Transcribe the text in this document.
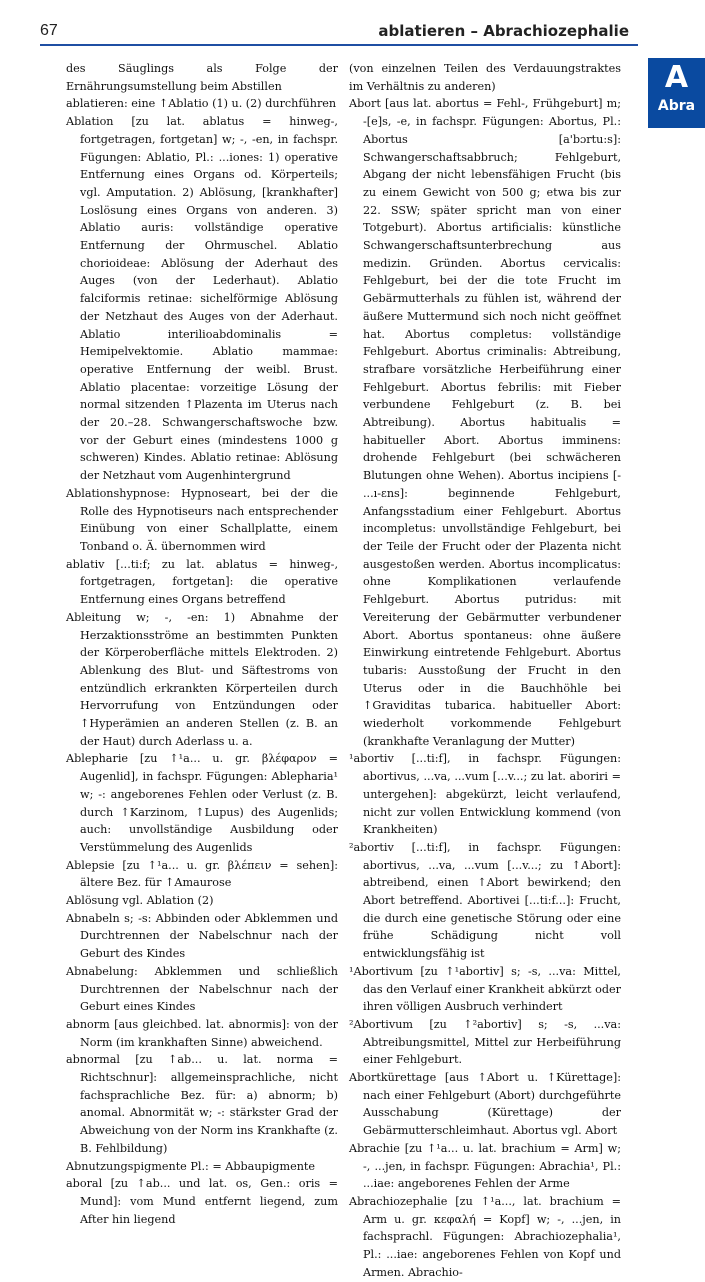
67	ablatieren – Abrachiozephalie
A
Abra

des Säuglings als Folge der Ernährungsumstellung beim Abstillen

ablatieren: eine ↑Ablatio (1) u. (2) durchführen

Ablation [zu lat. ablatus = hinweg-, fortgetragen, fortgetan] w; -, -en, in fachspr. Fügungen: Ablatio, Pl.: ...iones: 1) operative Entfernung eines Organs od. Körperteils; vgl. Amputation. 2) Ablösung, [krankhafter] Loslösung eines Organs von anderen. 3) Ablatio auris: vollständige operative Entfernung der Ohrmuschel. Ablatio chorioideae: Ablösung der Aderhaut des Auges (von der Lederhaut). Ablatio falciformis retinae: sichelförmige Ablösung der Netzhaut des Auges von der Aderhaut. Ablatio interilioabdominalis = Hemipelvektomie. Ablatio mammae: operative Entfernung der weibl. Brust. Ablatio placentae: vorzeitige Lösung der normal sitzenden ↑Plazenta im Uterus nach der 20.–28. Schwangerschaftswoche bzw. vor der Geburt eines (mindestens 1000 g schweren) Kindes. Ablatio retinae: Ablösung der Netzhaut vom Augenhintergrund

Ablationshypnose: Hypnoseart, bei der die Rolle des Hypnotiseurs nach entsprechender Einübung von einer Schallplatte, einem Tonband o. Ä. übernommen wird

ablativ [...ti:f; zu lat. ablatus = hinweg-, fortgetragen, fortgetan]: die operative Entfernung eines Organs betreffend

Ableitung w; -, -en: 1) Abnahme der Herzaktionsströme an bestimmten Punkten der Körperoberfläche mittels Elektroden. 2) Ablenkung des Blut- und Säftestroms von entzündlich erkrankten Körperteilen durch Hervorrufung von Entzündungen oder ↑Hyperämien an anderen Stellen (z. B. an der Haut) durch Aderlass u. a.

Ablepharie [zu ↑¹a... u. gr. βλέφαρον = Augenlid], in fachspr. Fügungen: Ablepharia¹ w; -: angeborenes Fehlen oder Verlust (z. B. durch ↑Karzinom, ↑Lupus) des Augenlids; auch: unvollständige Ausbildung oder Verstümmelung des Augenlids

Ablepsie [zu ↑¹a... u. gr. βλέπειν = sehen]: ältere Bez. für ↑Amaurose

Ablösung vgl. Ablation (2)

Abnabeln s; -s: Abbinden oder Abklemmen und Durchtrennen der Nabelschnur nach der Geburt des Kindes

Abnabelung: Abklemmen und schließlich Durchtrennen der Nabelschnur nach der Geburt eines Kindes

abnorm [aus gleichbed. lat. abnormis]: von der Norm (im krankhaften Sinne) abweichend.

abnormal [zu ↑ab... u. lat. norma = Richtschnur]: allgemeinsprachliche, nicht fachsprachliche Bez. für: a) abnorm; b) anomal. Abnormität w; -: stärkster Grad der Abweichung von der Norm ins Krankhafte (z. B. Fehlbildung)

Abnutzungspigmente Pl.: = Abbaupigmente

aboral [zu ↑ab... und lat. os, Gen.: oris = Mund]: vom Mund entfernt liegend, zum After hin liegend

(von einzelnen Teilen des Verdauungstraktes im Verhältnis zu anderen)

Abort [aus lat. abortus = Fehl-, Frühgeburt] m; -[e]s, -e, in fachspr. Fügungen: Abortus, Pl.: Abortus [a'bɔrtu:s]: Schwangerschaftsabbruch; Fehlgeburt, Abgang der nicht lebensfähigen Frucht (bis zu einem Gewicht von 500 g; etwa bis zur 22. SSW; später spricht man von einer Totgeburt). Abortus artificialis: künstliche Schwangerschaftsunterbrechung aus medizin. Gründen. Abortus cervicalis: Fehlgeburt, bei der die tote Frucht im Gebärmutterhals zu fühlen ist, während der äußere Muttermund sich noch nicht geöffnet hat. Abortus completus: vollständige Fehlgeburt. Abortus criminalis: Abtreibung, strafbare vorsätzliche Herbeiführung einer Fehlgeburt. Abortus febrilis: mit Fieber verbundene Fehlgeburt (z. B. bei Abtreibung). Abortus habitualis = habitueller Abort. Abortus imminens: drohende Fehlgeburt (bei schwächeren Blutungen ohne Wehen). Abortus incipiens [- ...ı-ɛns]: beginnende Fehlgeburt, Anfangsstadium einer Fehlgeburt. Abortus incompletus: unvollständige Fehlgeburt, bei der Teile der Frucht oder der Plazenta nicht ausgestoßen werden. Abortus incomplicatus: ohne Komplikationen verlaufende Fehlgeburt. Abortus putridus: mit Vereiterung der Gebärmutter verbundener Abort. Abortus spontaneus: ohne äußere Einwirkung eintretende Fehlgeburt. Abortus tubaris: Ausstoßung der Frucht in den Uterus oder in die Bauchhöhle bei ↑Graviditas tubarica. habitueller Abort: wiederholt vorkommende Fehlgeburt (krankhafte Veranlagung der Mutter)

¹abortiv [...ti:f], in fachspr. Fügungen: abortivus, ...va, ...vum [...v...; zu lat. aboriri = untergehen]: abgekürzt, leicht verlaufend, nicht zur vollen Entwicklung kommend (von Krankheiten)

²abortiv [...ti:f], in fachspr. Fügungen: abortivus, ...va, ...vum [...v...; zu ↑Abort]: abtreibend, einen ↑Abort bewirkend; den Abort betreffend. Abortivei [...ti:f...]: Frucht, die durch eine genetische Störung oder eine frühe Schädigung nicht voll entwicklungsfähig ist

¹Abortivum [zu ↑¹abortiv] s; -s, ...va: Mittel, das den Verlauf einer Krankheit abkürzt oder ihren völligen Ausbruch verhindert

²Abortivum [zu ↑²abortiv] s; -s, ...va: Abtreibungsmittel, Mittel zur Herbeiführung einer Fehlgeburt.

Abortkürettage [aus ↑Abort u. ↑Kürettage]: nach einer Fehlgeburt (Abort) durchgeführte Ausschabung (Kürettage) der Gebärmutterschleimhaut. Abortus vgl. Abort

Abrachie [zu ↑¹a... u. lat. brachium = Arm] w; -, ...jen, in fachspr. Fügungen: Abrachia¹, Pl.: ...iae: angeborenes Fehlen der Arme

Abrachiozephalie [zu ↑¹a..., lat. brachium = Arm u. gr. κεφαλή = Kopf] w; -, ...jen, in fachsprachl. Fügungen: Abrachiozephalia¹, Pl.: ...iae: angeborenes Fehlen von Kopf und Armen. Abrachio-
